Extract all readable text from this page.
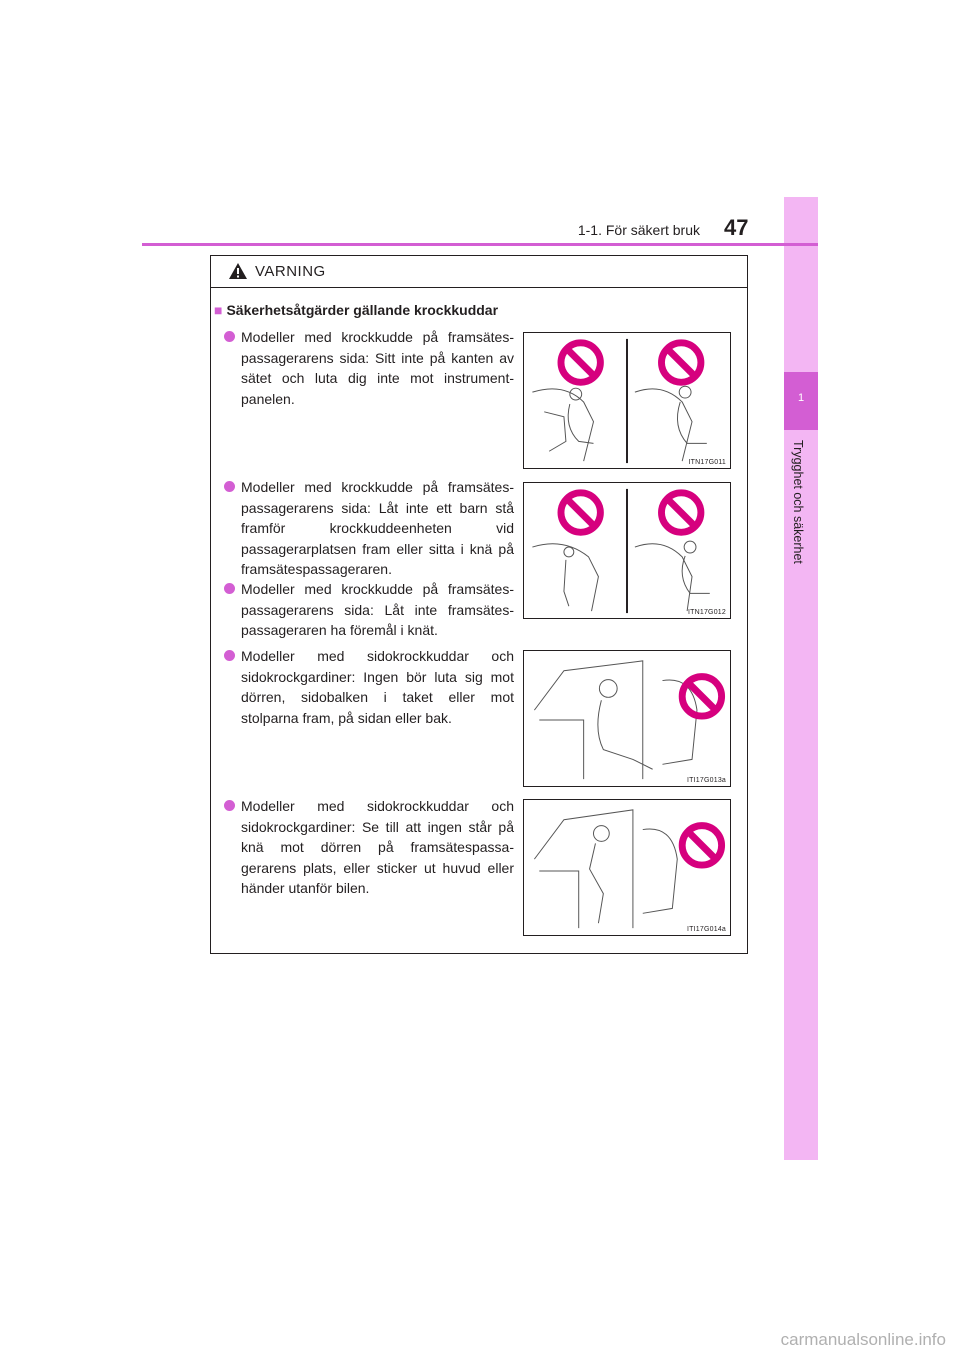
1
Trygghet och säkerhet
1-1. För säkert bruk 47
VARNING
■ Säkerhetsåtgärder gällande krockkuddar
Modeller med krockkudde på framsätes-passagerarens sida: Sitt inte på kanten av sätet och luta dig inte mot instrument-panelen.
Modeller med krockkudde på framsätes-passagerarens sida: Låt inte ett barn stå framför krockkuddeenheten vid passagerarplatsen fram eller sitta i knä på framsätespassageraren.
Modeller med krockkudde på framsätes-passagerarens sida: Låt inte framsätes-passageraren ha föremål i knät.
Modeller med sidokrockkuddar och sidokrockgardiner: Ingen bör luta sig mot dörren, sidobalken i taket eller mot stolparna fram, på sidan eller bak.
Modeller med sidokrockkuddar och sidokrockgardiner: Se till att ingen står på knä mot dörren på framsätespassa-gerarens plats, eller sticker ut huvud eller händer utanför bilen.
ITN17G011
ITN17G012
ITI17G013a
ITI17G014a
carmanualsonline.info
